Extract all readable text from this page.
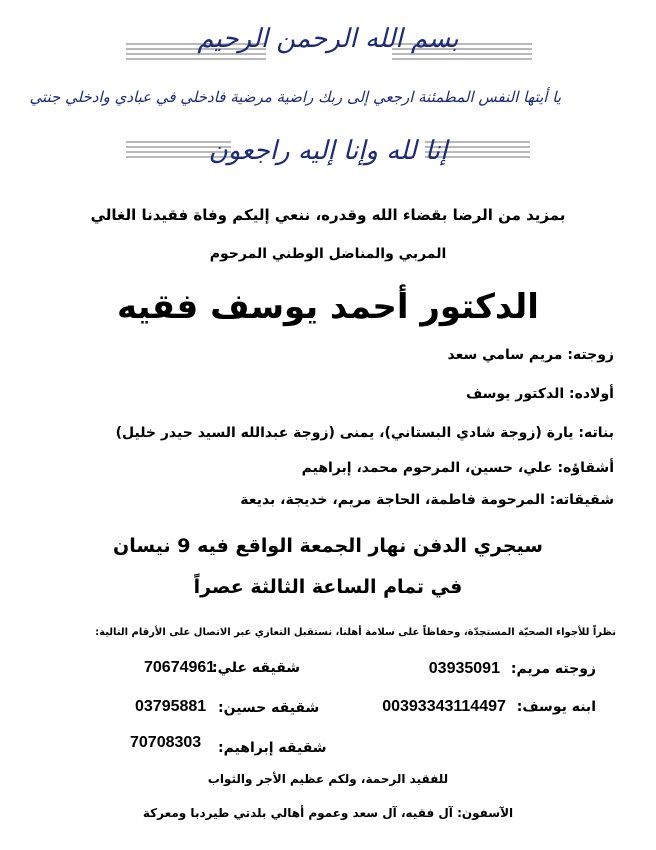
بسم الله الرحمن الرحيم
يا أيتها النفس المطمئنة ارجعي إلى ربك راضية مرضية فادخلي في عبادي وادخلي جنتي
إنا لله وإنا إليه راجعون
بمزيد من الرضا بقضاء الله وقدره، ننعي إليكم وفاة فقيدنا الغالي
المربي والمناضل الوطني المرحوم
الدكتور أحمد يوسف فقيه
زوجته: مريم سامي سعد
أولاده: الدكتور يوسف
بناته: يارة (زوجة شادي البستاني)، يمنى (زوجة عبدالله السيد حيدر خليل)
أشقاؤه: علي، حسين، المرحوم محمد، إبراهيم
شقيقاته: المرحومة فاطمة، الحاجة مريم، خديجة، بديعة
سيجري الدفن نهار الجمعة الواقع فيه 9 نيسان
في تمام الساعة الثالثة عصراً
نظراً للأجواء الصحيّة المستجدّة، وحفاظاً على سلامة أهلنا، نستقبل التعازي عبر الاتصال على الأرقام التالية:
زوجته مريم: 03935091
شقيقه علي:
70674961
ابنه يوسف: 00393343114497
شقيقه حسين:
03795881
شقيقه إبراهيم:
70708303
للفقيد الرحمة، ولكم عظيم الأجر والثواب
الآسفون: آل فقيه، آل سعد وعموم أهالي بلدتي طيردبا ومعركة
